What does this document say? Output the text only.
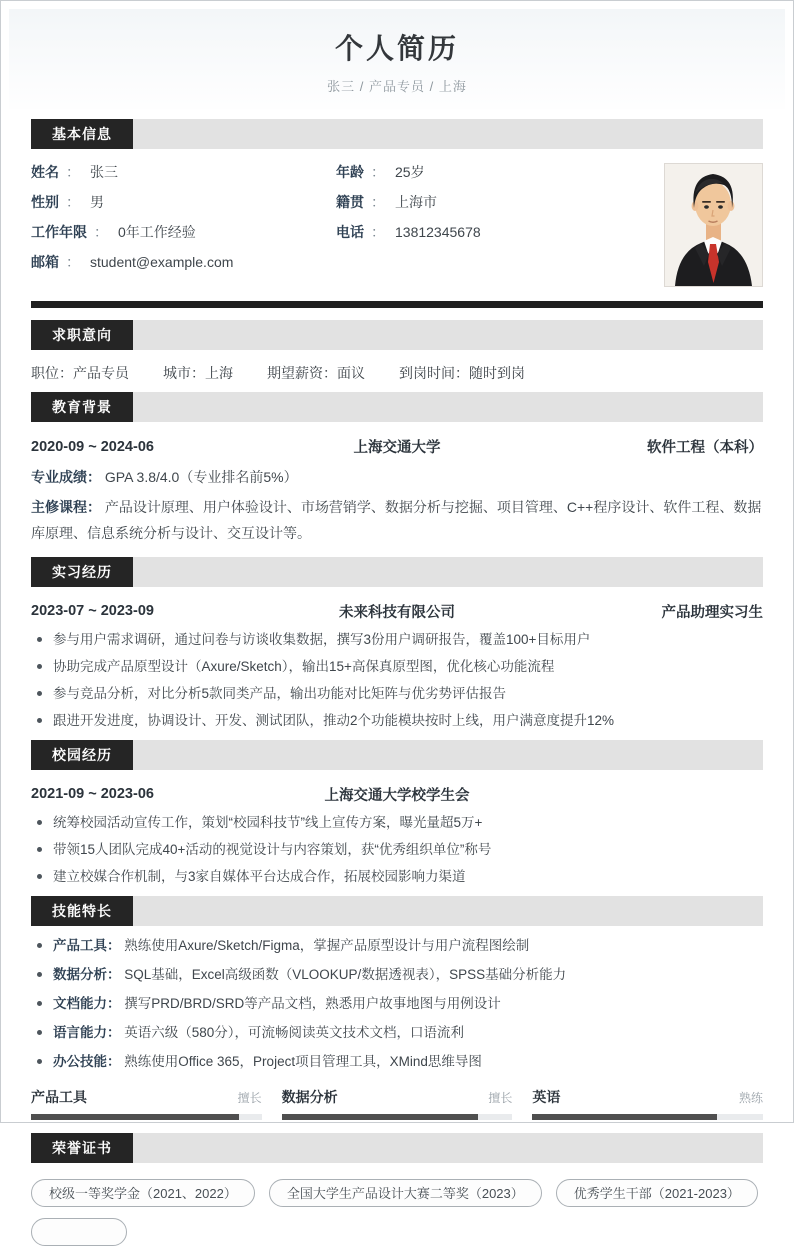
个人简历
张三 / 产品专员 / 上海
基本信息
姓名 ： 张三
性别 ： 男
工作年限 ： 0年工作经验
邮箱 ： student@example.com
年龄 ： 25岁
籍贯 ： 上海市
电话 ： 13812345678
求职意向
职位：产品专员 城市：上海 期望薪资：面议 到岗时间：随时到岗
教育背景
2020-09 ~ 2024-06	上海交通大学	软件工程（本科）
专业成绩： GPA 3.8/4.0（专业排名前5%）
主修课程： 产品设计原理、用户体验设计、市场营销学、数据分析与挖掘、项目管理、C++程序设计、软件工程、数据库原理、信息系统分析与设计、交互设计等。
实习经历
2023-07 ~ 2023-09	未来科技有限公司	产品助理实习生
参与用户需求调研，通过问卷与访谈收集数据，撰写3份用户调研报告，覆盖100+目标用户
协助完成产品原型设计（Axure/Sketch），输出15+高保真原型图，优化核心功能流程
参与竞品分析，对比分析5款同类产品，输出功能对比矩阵与优劣势评估报告
跟进开发进度，协调设计、开发、测试团队，推动2个功能模块按时上线，用户满意度提升12%
校园经历
2021-09 ~ 2023-06	上海交通大学校学生会
统筹校园活动宣传工作，策划“校园科技节”线上宣传方案，曝光量超5万+
带领15人团队完成40+活动的视觉设计与内容策划，获“优秀组织单位”称号
建立校媒合作机制，与3家自媒体平台达成合作，拓展校园影响力渠道
技能特长
产品工具： 熟练使用Axure/Sketch/Figma，掌握产品原型设计与用户流程图绘制
数据分析： SQL基础，Excel高级函数（VLOOKUP/数据透视表），SPSS基础分析能力
文档能力： 撰写PRD/BRD/SRD等产品文档，熟悉用户故事地图与用例设计
语言能力： 英语六级（580分），可流畅阅读英文技术文档，口语流利
办公技能： 熟练使用Office 365，Project项目管理工具，XMind思维导图
产品工具	擅长 数据分析	擅长 英语	熟练
荣誉证书
校级一等奖学金（2021、2022）	全国大学生产品设计大赛二等奖（2023）	优秀学生干部（2021-2023）
